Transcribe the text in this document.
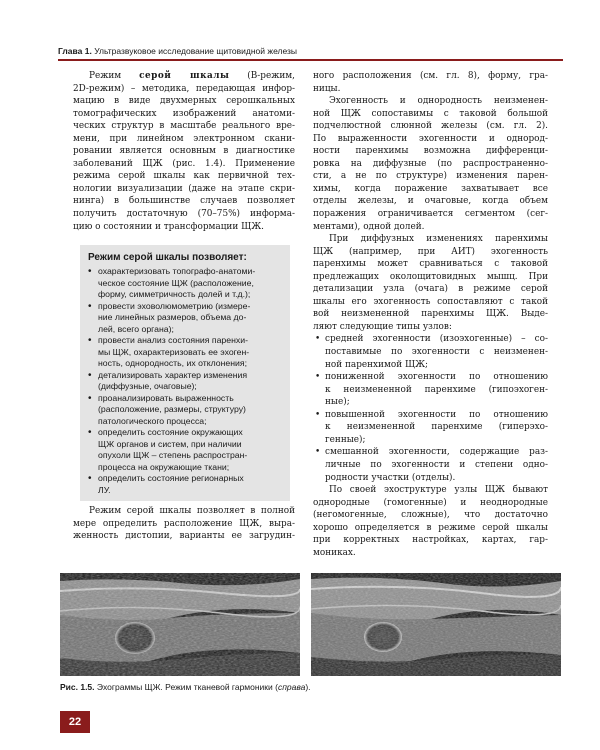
Глава 1. Ультразвуковое исследование щитовидной железы
Режим серой шкалы (В-режим,
2D-режим) – методика, передающая инфор-
мацию в виде двухмерных серошкальных
томографических изображений анатоми-
ческих структур в масштабе реального вре-
мени, при линейном электронном скани-
ровании является основным в диагностике
заболеваний ЩЖ (рис. 1.4). Применение
режима серой шкалы как первичной тех-
нологии визуализации (даже на этапе скри-
нинга) в большинстве случаев позволяет
получить достаточную (70–75%) информа-
цию о состоянии и трансформации ЩЖ.
Режим серой шкалы позволяет:
• охарактеризовать топографо-анатоми-
ческое состояние ЩЖ (расположение,
форму, симметричность долей и т.д.);
• провести эховолюмометрию (измере-
ние линейных размеров, объема до-
лей, всего органа);
• провести анализ состояния паренхи-
мы ЩЖ, охарактеризовать ее эхоген-
ность, однородность, их отклонения;
• детализировать характер изменения
(диффузные, очаговые);
• проанализировать выраженность
(расположение, размеры, структуру)
патологического процесса;
• определить состояние окружающих
ЩЖ органов и систем, при наличии
опухоли ЩЖ – степень распростран-
процесса на окружающие ткани;
• определить состояние регионарных
ЛУ.
Режим серой шкалы позволяет в полной
мере определить расположение ЩЖ, выра-
женность дистопии, варианты ее загрудин-
ного расположения (см. гл. 8), форму, гра-
ницы.
Эхогенность и однородность неизменен-
ной ЩЖ сопоставимы с таковой большой
подчелюстной слюнной железы (см. гл. 2).
По выраженности эхогенности и однород-
ности паренхимы возможна дифференци-
ровка на диффузные (по распространенно-
сти, а не по структуре) изменения парен-
химы, когда поражение захватывает все
отделы железы, и очаговые, когда объем
поражения ограничивается сегментом (сег-
ментами), одной долей.
При диффузных изменениях паренхимы
ЩЖ (например, при АИТ) эхогенность
паренхимы может сравниваться с таковой
предлежащих околощитовидных мышц. При
детализации узла (очага) в режиме серой
шкалы его эхогенность сопоставляют с такой
вой неизмененной паренхимы ЩЖ. Выде-
ляют следующие типы узлов:
• средней эхогенности (изоэхогенные) – со-
поставимые по эхогенности с неизменен-
ной паренхимой ЩЖ;
• пониженной эхогенности по отношению
к неизмененной паренхиме (гипоэхоген-
ные);
• повышенной эхогенности по отношению
к неизмененной паренхиме (гиперэхо-
генные);
• смешанной эхогенности, содержащие раз-
личные по эхогенности и степени одно-
родности участки (отделы).
По своей эхоструктуре узлы ЩЖ бывают
однородные (гомогенные) и неоднородные
(негомогенные, сложные), что достаточно
хорошо определяется в режиме серой шкалы
при корректных настройках, картах, гар-
мониках.
Рис. 1.5. Эхограммы ЩЖ. Режим тканевой гармоники (справа).
22
